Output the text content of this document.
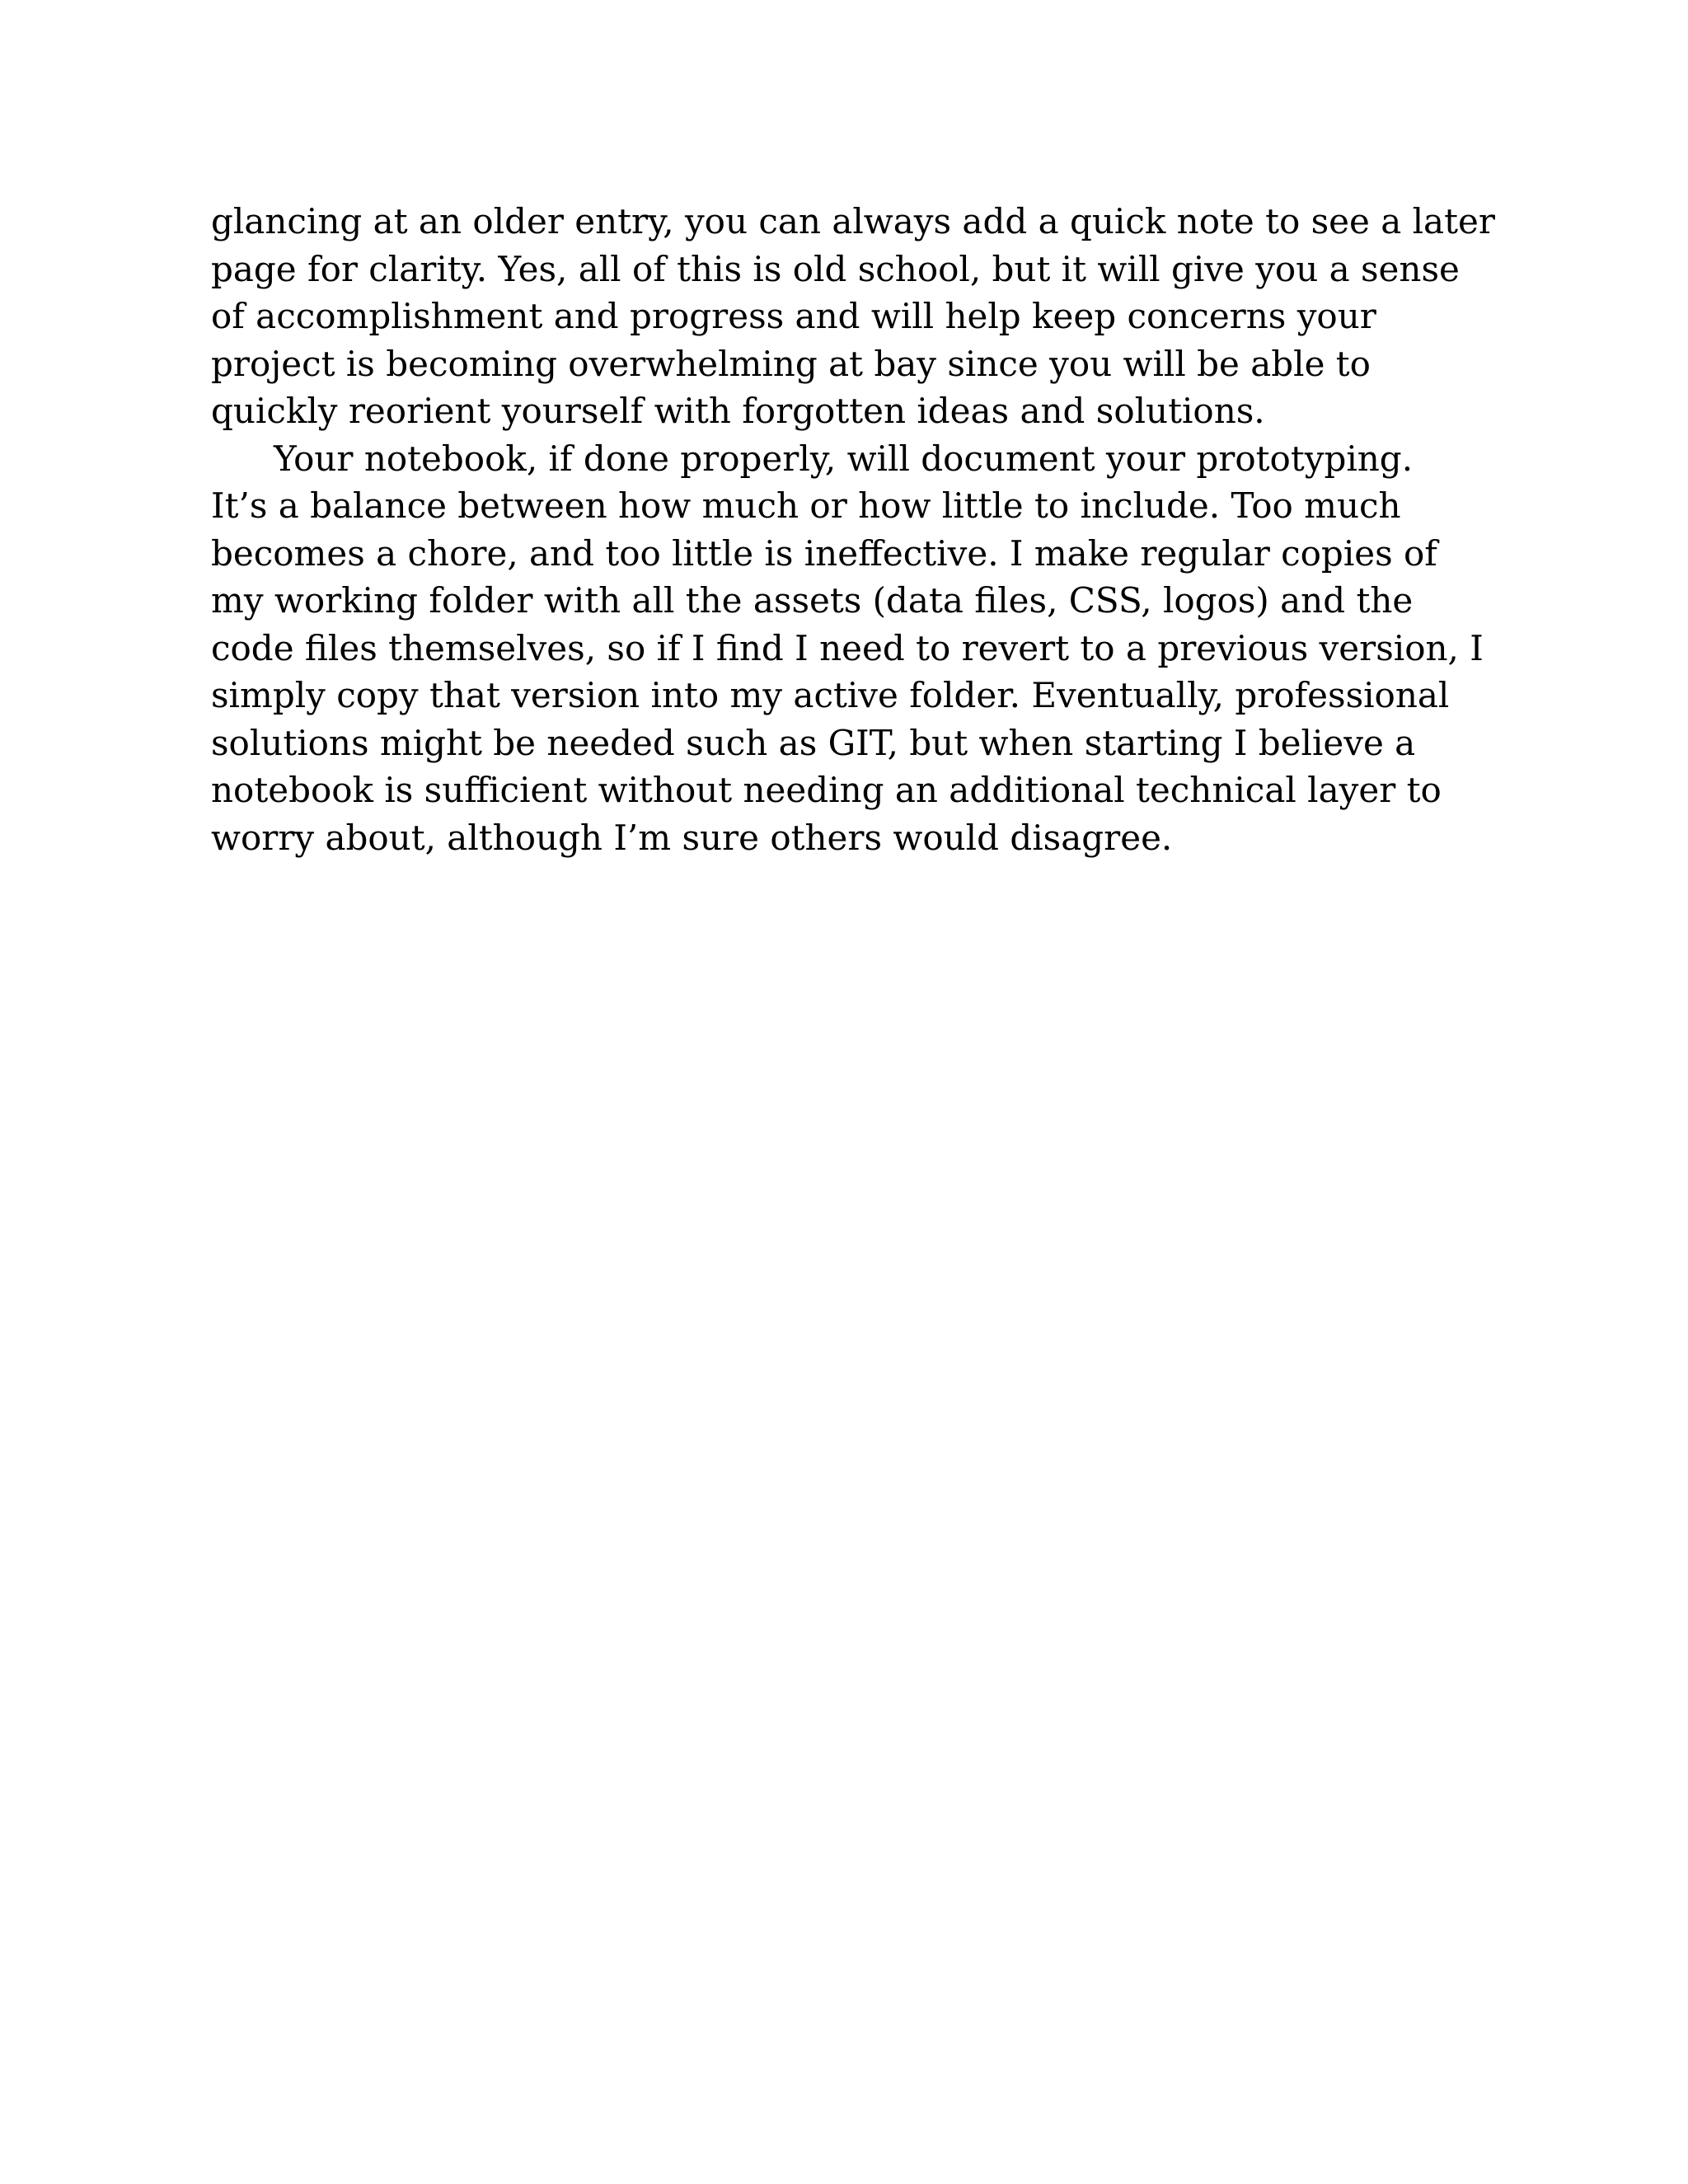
glancing at an older entry, you can always add a quick note to see a later
page for clarity. Yes, all of this is old school, but it will give you a sense
of accomplishment and progress and will help keep concerns your
project is becoming overwhelming at bay since you will be able to
quickly reorient yourself with forgotten ideas and solutions.

Your notebook, if done properly, will document your prototyping.
It’s a balance between how much or how little to include. Too much
becomes a chore, and too little is ineffective. I make regular copies of
my working folder with all the assets (data files, CSS, logos) and the
code files themselves, so if I find I need to revert to a previous version, I
simply copy that version into my active folder. Eventually, professional
solutions might be needed such as GIT, but when starting I believe a
notebook is sufficient without needing an additional technical layer to
worry about, although I’m sure others would disagree.
